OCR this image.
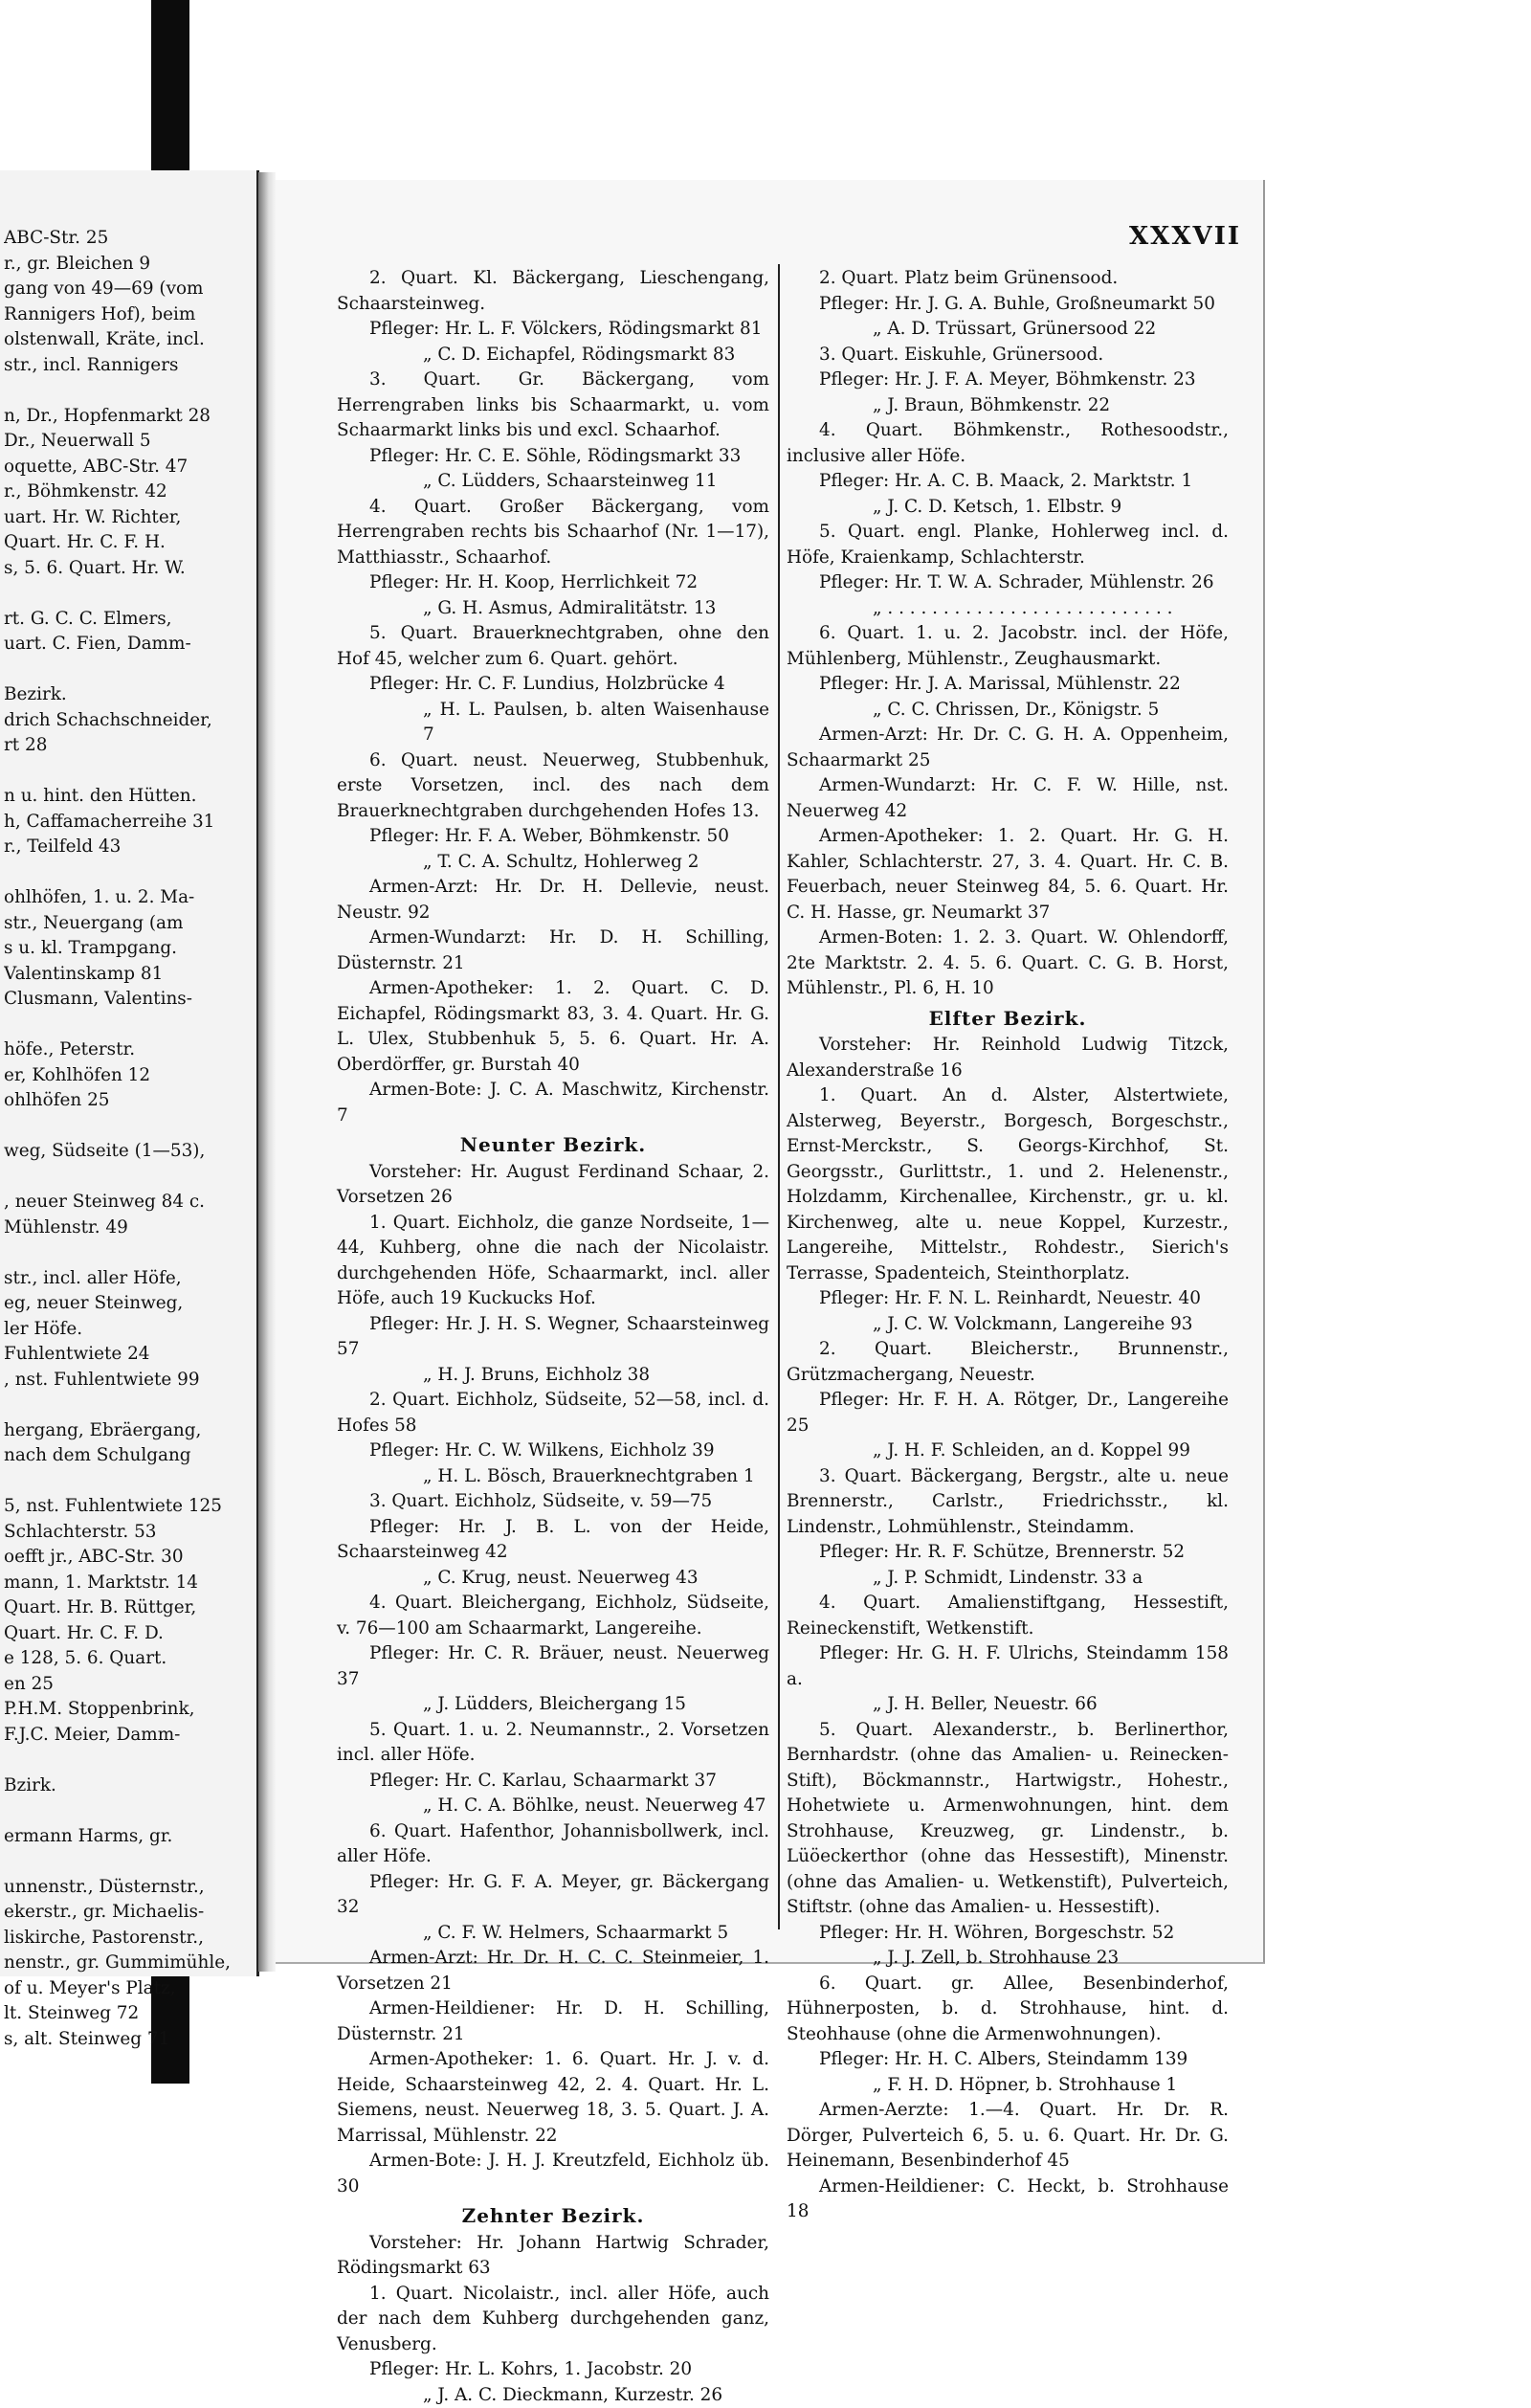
XXXVII
ABC-Str. 25
r., gr. Bleichen 9
gang von 49—69 (vom
Rannigers Hof), beim
olstenwall, Kräte, incl.
str., incl. Rannigers

n, Dr., Hopfenmarkt 28
Dr., Neuerwall 5
oquette, ABC-Str. 47
r., Böhmkenstr. 42
uart. Hr. W. Richter,
Quart. Hr. C. F. H.
s, 5. 6. Quart. Hr. W.

rt. G. C. C. Elmers,
uart. C. Fien, Damm-

Bezirk.
drich Schachschneider,
rt 28

n u. hint. den Hütten.
h, Caffamacherreihe 31
r., Teilfeld 43

ohlhöfen, 1. u. 2. Ma-
str., Neuergang (am
s u. kl. Trampgang.
Valentinskamp 81
Clusmann, Valentins-

höfe., Peterstr.
er, Kohlhöfen 12
ohlhöfen 25

weg, Südseite (1—53),

, neuer Steinweg 84 c.
Mühlenstr. 49

str., incl. aller Höfe,
eg, neuer Steinweg,
ler Höfe.
Fuhlentwiete 24
, nst. Fuhlentwiete 99

hergang, Ebräergang,
nach dem Schulgang

5, nst. Fuhlentwiete 125
Schlachterstr. 53
oefft jr., ABC-Str. 30
mann, 1. Marktstr. 14
Quart. Hr. B. Rüttger,
Quart. Hr. C. F. D.
e 128, 5. 6. Quart.
en 25
P.H.M. Stoppenbrink,
F.J.C. Meier, Damm-

Bzirk.

ermann Harms, gr.

unnenstr., Düsternstr.,
ekerstr., gr. Michaelis-
liskirche, Pastorenstr.,
nenstr., gr. Gummimühle,
of u. Meyer's Platz,
lt. Steinweg 72
s, alt. Steinweg 71

2. Quart. Kl. Bäckergang, Lieschengang, Schaarsteinweg.

Pfleger: Hr. L. F. Völckers, Rödingsmarkt 81

„ C. D. Eichapfel, Rödingsmarkt 83

3. Quart. Gr. Bäckergang, vom Herrengraben links bis Schaarmarkt, u. vom Schaarmarkt links bis und excl. Schaarhof.

Pfleger: Hr. C. E. Söhle, Rödingsmarkt 33

„ C. Lüdders, Schaarsteinweg 11

4. Quart. Großer Bäckergang, vom Herrengraben rechts bis Schaarhof (Nr. 1—17), Matthiasstr., Schaarhof.

Pfleger: Hr. H. Koop, Herrlichkeit 72

„ G. H. Asmus, Admiralitätstr. 13

5. Quart. Brauerknechtgraben, ohne den Hof 45, welcher zum 6. Quart. gehört.

Pfleger: Hr. C. F. Lundius, Holzbrücke 4

„ H. L. Paulsen, b. alten Waisenhause 7

6. Quart. neust. Neuerweg, Stubbenhuk, erste Vorsetzen, incl. des nach dem Brauerknechtgraben durchgehenden Hofes 13.

Pfleger: Hr. F. A. Weber, Böhmkenstr. 50

„ T. C. A. Schultz, Hohlerweg 2

Armen-Arzt: Hr. Dr. H. Dellevie, neust. Neustr. 92

Armen-Wundarzt: Hr. D. H. Schilling, Düsternstr. 21

Armen-Apotheker: 1. 2. Quart. C. D. Eichapfel, Rödingsmarkt 83, 3. 4. Quart. Hr. G. L. Ulex, Stubbenhuk 5, 5. 6. Quart. Hr. A. Oberdörffer, gr. Burstah 40

Armen-Bote: J. C. A. Maschwitz, Kirchenstr. 7

Neunter Bezirk.

Vorsteher: Hr. August Ferdinand Schaar, 2. Vorsetzen 26

1. Quart. Eichholz, die ganze Nordseite, 1—44, Kuhberg, ohne die nach der Nicolaistr. durchgehenden Höfe, Schaarmarkt, incl. aller Höfe, auch 19 Kuckucks Hof.

Pfleger: Hr. J. H. S. Wegner, Schaarsteinweg 57

„ H. J. Bruns, Eichholz 38

2. Quart. Eichholz, Südseite, 52—58, incl. d. Hofes 58

Pfleger: Hr. C. W. Wilkens, Eichholz 39

„ H. L. Bösch, Brauerknechtgraben 1

3. Quart. Eichholz, Südseite, v. 59—75

Pfleger: Hr. J. B. L. von der Heide, Schaarsteinweg 42

„ C. Krug, neust. Neuerweg 43

4. Quart. Bleichergang, Eichholz, Südseite, v. 76—100 am Schaarmarkt, Langereihe.

Pfleger: Hr. C. R. Bräuer, neust. Neuerweg 37

„ J. Lüdders, Bleichergang 15

5. Quart. 1. u. 2. Neumannstr., 2. Vorsetzen incl. aller Höfe.

Pfleger: Hr. C. Karlau, Schaarmarkt 37

„ H. C. A. Böhlke, neust. Neuerweg 47

6. Quart. Hafenthor, Johannisbollwerk, incl. aller Höfe.

Pfleger: Hr. G. F. A. Meyer, gr. Bäckergang 32

„ C. F. W. Helmers, Schaarmarkt 5

Armen-Arzt: Hr. Dr. H. C. C. Steinmeier, 1. Vorsetzen 21

Armen-Heildiener: Hr. D. H. Schilling, Düsternstr. 21

Armen-Apotheker: 1. 6. Quart. Hr. J. v. d. Heide, Schaarsteinweg 42, 2. 4. Quart. Hr. L. Siemens, neust. Neuerweg 18, 3. 5. Quart. J. A. Marrissal, Mühlenstr. 22

Armen-Bote: J. H. J. Kreutzfeld, Eichholz üb. 30

Zehnter Bezirk.

Vorsteher: Hr. Johann Hartwig Schrader, Rödingsmarkt 63

1. Quart. Nicolaistr., incl. aller Höfe, auch der nach dem Kuhberg durchgehenden ganz, Venusberg.

Pfleger: Hr. L. Kohrs, 1. Jacobstr. 20

„ J. A. C. Dieckmann, Kurzestr. 26

2. Quart. Platz beim Grünensood.

Pfleger: Hr. J. G. A. Buhle, Großneumarkt 50

„ A. D. Trüssart, Grünersood 22

3. Quart. Eiskuhle, Grünersood.

Pfleger: Hr. J. F. A. Meyer, Böhmkenstr. 23

„ J. Braun, Böhmkenstr. 22

4. Quart. Böhmkenstr., Rothesoodstr., inclusive aller Höfe.

Pfleger: Hr. A. C. B. Maack, 2. Marktstr. 1

„ J. C. D. Ketsch, 1. Elbstr. 9

5. Quart. engl. Planke, Hohlerweg incl. d. Höfe, Kraienkamp, Schlachterstr.

Pfleger: Hr. T. W. A. Schrader, Mühlenstr. 26

„ . . . . . . . . . . . . . . . . . . . . . . . . . .

6. Quart. 1. u. 2. Jacobstr. incl. der Höfe, Mühlenberg, Mühlenstr., Zeughausmarkt.

Pfleger: Hr. J. A. Marissal, Mühlenstr. 22

„ C. C. Chrissen, Dr., Königstr. 5

Armen-Arzt: Hr. Dr. C. G. H. A. Oppenheim, Schaarmarkt 25

Armen-Wundarzt: Hr. C. F. W. Hille, nst. Neuerweg 42

Armen-Apotheker: 1. 2. Quart. Hr. G. H. Kahler, Schlachterstr. 27, 3. 4. Quart. Hr. C. B. Feuerbach, neuer Steinweg 84, 5. 6. Quart. Hr. C. H. Hasse, gr. Neumarkt 37

Armen-Boten: 1. 2. 3. Quart. W. Ohlendorff, 2te Marktstr. 2. 4. 5. 6. Quart. C. G. B. Horst, Mühlenstr., Pl. 6, H. 10

Elfter Bezirk.

Vorsteher: Hr. Reinhold Ludwig Titzck, Alexanderstraße 16

1. Quart. An d. Alster, Alstertwiete, Alsterweg, Beyerstr., Borgesch, Borgeschstr., Ernst-Merckstr., S. Georgs-Kirchhof, St. Georgsstr., Gurlittstr., 1. und 2. Helenenstr., Holzdamm, Kirchenallee, Kirchenstr., gr. u. kl. Kirchenweg, alte u. neue Koppel, Kurzestr., Langereihe, Mittelstr., Rohdestr., Sierich's Terrasse, Spadenteich, Steinthorplatz.

Pfleger: Hr. F. N. L. Reinhardt, Neuestr. 40

„ J. C. W. Volckmann, Langereihe 93

2. Quart. Bleicherstr., Brunnenstr., Grützmachergang, Neuestr.

Pfleger: Hr. F. H. A. Rötger, Dr., Langereihe 25

„ J. H. F. Schleiden, an d. Koppel 99

3. Quart. Bäckergang, Bergstr., alte u. neue Brennerstr., Carlstr., Friedrichsstr., kl. Lindenstr., Lohmühlenstr., Steindamm.

Pfleger: Hr. R. F. Schütze, Brennerstr. 52

„ J. P. Schmidt, Lindenstr. 33 a

4. Quart. Amalienstiftgang, Hessestift, Reineckenstift, Wetkenstift.

Pfleger: Hr. G. H. F. Ulrichs, Steindamm 158 a.

„ J. H. Beller, Neuestr. 66

5. Quart. Alexanderstr., b. Berlinerthor, Bernhardstr. (ohne das Amalien- u. Reinecken-Stift), Böckmannstr., Hartwigstr., Hohestr., Hohetwiete u. Armenwohnungen, hint. dem Strohhause, Kreuzweg, gr. Lindenstr., b. Lüöeckerthor (ohne das Hessestift), Minenstr. (ohne das Amalien- u. Wetkenstift), Pulverteich, Stiftstr. (ohne das Amalien- u. Hessestift).

Pfleger: Hr. H. Wöhren, Borgeschstr. 52

„ J. J. Zell, b. Strohhause 23

6. Quart. gr. Allee, Besenbinderhof, Hühnerposten, b. d. Strohhause, hint. d. Steohhause (ohne die Armenwohnungen).

Pfleger: Hr. H. C. Albers, Steindamm 139

„ F. H. D. Höpner, b. Strohhause 1

Armen-Aerzte: 1.—4. Quart. Hr. Dr. R. Dörger, Pulverteich 6, 5. u. 6. Quart. Hr. Dr. G. Heinemann, Besenbinderhof 45

Armen-Heildiener: C. Heckt, b. Strohhause 18
